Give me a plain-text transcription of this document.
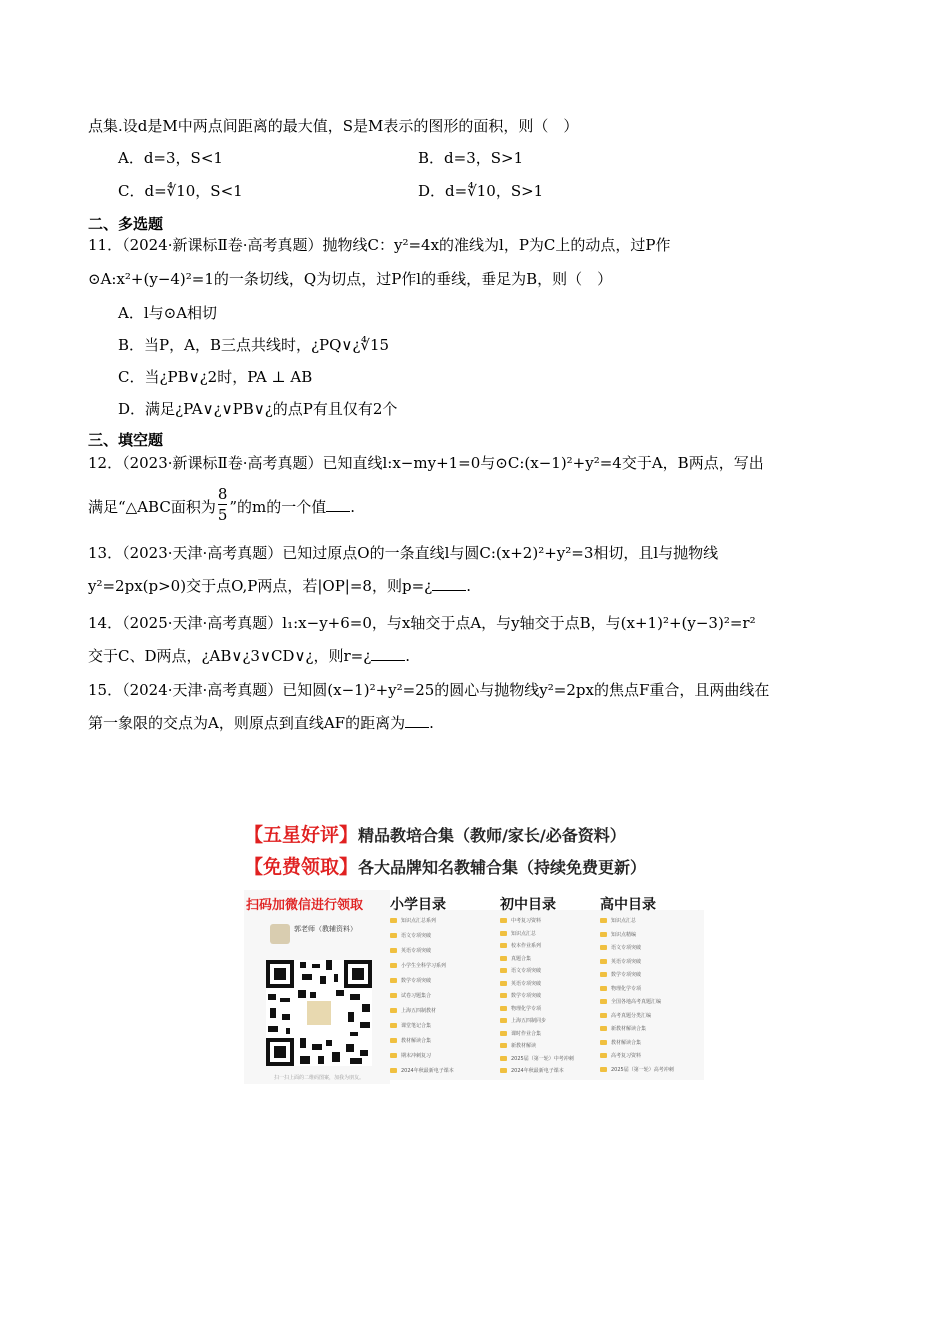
点集.设d是M中两点间距离的最大值，S是M表示的图形的面积，则（　）
A．d=3，S<1	B．d=3，S>1
C．d=∜10，S<1	D．d=∜10，S>1
二、多选题
11．（2024·新课标Ⅱ卷·高考真题）抛物线C：y²=4x的准线为l，P为C上的动点，过P作
⊙A:x²+(y−4)²=1的一条切线，Q为切点，过P作l的垂线，垂足为B，则（　）
A．l与⊙A相切
B．当P，A，B三点共线时，¿PQ∨¿∜15
C．当¿PB∨¿2时，PA ⊥ AB
D．满足¿PA∨¿∨PB∨¿的点P有且仅有2个
三、填空题
12．（2023·新课标Ⅱ卷·高考真题）已知直线l:x−my+1=0与⊙C:(x−1)²+y²=4交于A，B两点，写出
满足“△ABC面积为 $\frac{8}{5}$ ”的m的一个值 .
13．（2023·天津·高考真题）已知过原点O的一条直线l与圆C:(x+2)²+y²=3相切，且l与抛物线
y²=2px(p>0)交于点O,P两点，若|OP|=8，则p=¿ .
14．（2025·天津·高考真题）l₁:x−y+6=0，与x轴交于点A，与y轴交于点B，与(x+1)²+(y−3)²=r²
交于C、D两点，¿AB∨¿3∨CD∨¿，则r=¿ .
15．（2024·天津·高考真题）已知圆(x−1)²+y²=25的圆心与抛物线y²=2px的焦点F重合，且两曲线在
第一象限的交点为A，则原点到直线AF的距离为 .
【五星好评】精品教培合集（教师/家长/必备资料）
【免费领取】各大品牌知名教辅合集（持续免费更新）
扫码加微信进行领取
郭老师（教辅资料）
扫一扫上面的二维码图案，加我为朋友。
小学目录	初中目录	高中目录
知识点汇总系列
语文专项突破
英语专项突破
小学生全科学习系列
数学专项突破
试卷习题集合
上海五四制教材
课堂笔记合集
教材解读合集
期末冲刺复习
2024年秋最新电子课本
中考复习资料
知识点汇总
校本作业系列
真题合集
语文专项突破
英语专项突破
数学专项突破
物理化学专项
上海五四制同步
课时作业合集
新教材解读
2025届（第一轮）中考冲刺
2024年秋最新电子课本
知识点汇总
知识点精编
语文专项突破
英语专项突破
数学专项突破
物理化学专项
全国各地高考真题汇编
高考真题分类汇编
新教材解读合集
教材解读合集
高考复习资料
2025届（第一轮）高考冲刺
